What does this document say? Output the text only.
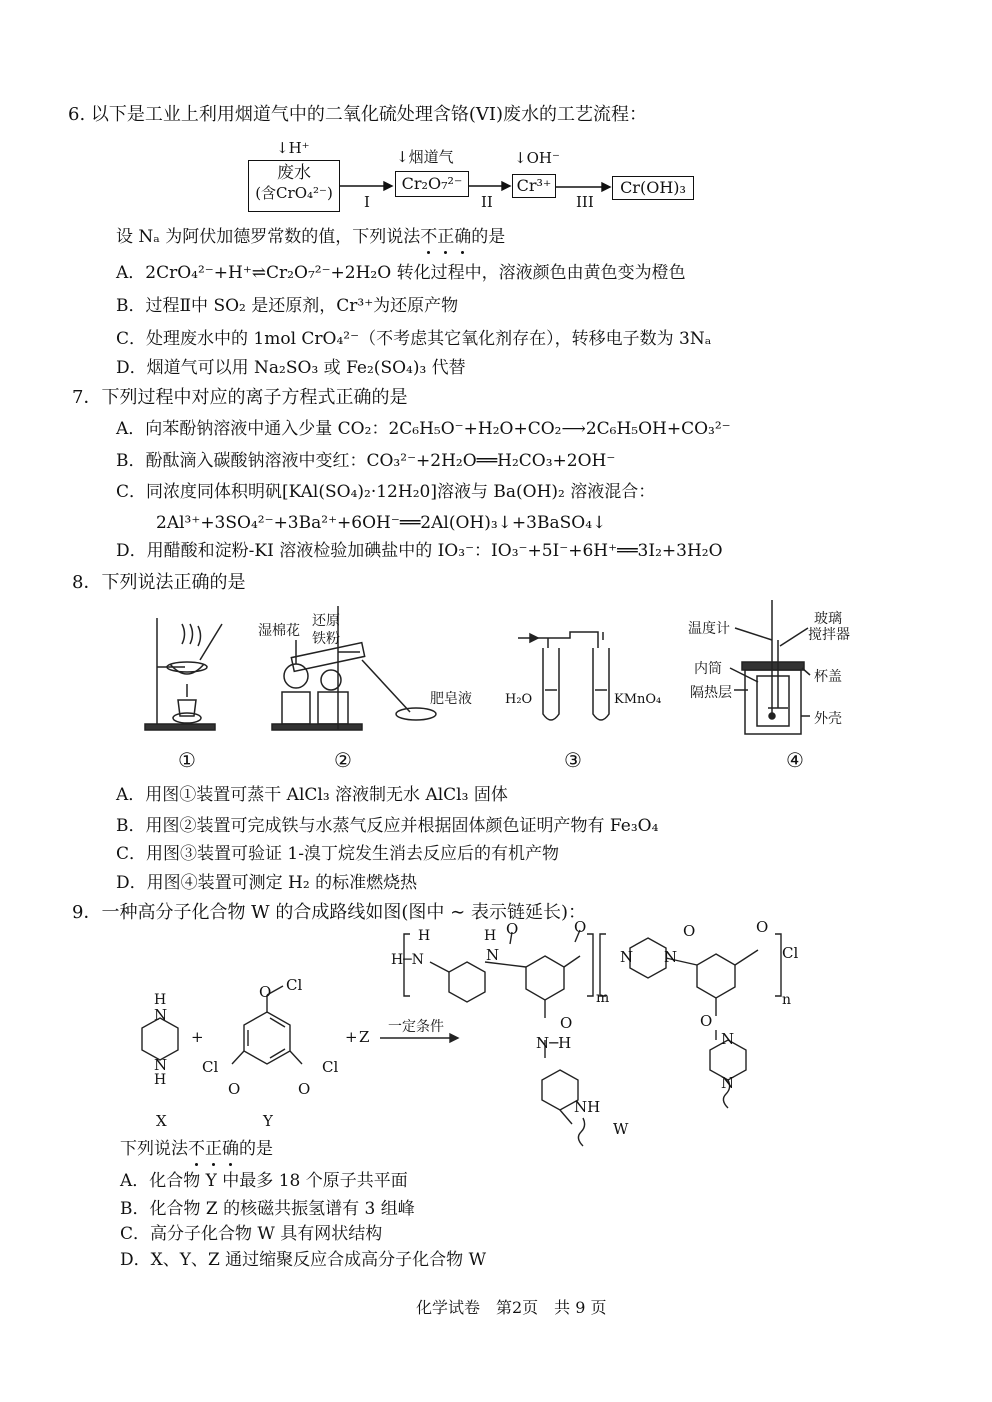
6. 以下是工业上利用烟道气中的二氧化硫处理含铬(VI)废水的工艺流程：
↓H⁺
废水
(含CrO₄²⁻)
↓烟道气
Cr₂O₇²⁻
↓OH⁻
Cr³⁺	Cr(OH)₃
I	II	III
设 Nₐ 为阿伏加德罗常数的值，下列说法不正确的是
A．2CrO₄²⁻+H⁺⇌Cr₂O₇²⁻+2H₂O 转化过程中，溶液颜色由黄色变为橙色
B．过程Ⅱ中 SO₂ 是还原剂，Cr³⁺为还原产物
C．处理废水中的 1mol CrO₄²⁻（不考虑其它氧化剂存在），转移电子数为 3Nₐ
D．烟道气可以用 Na₂SO₃ 或 Fe₂(SO₄)₃ 代替
7．下列过程中对应的离子方程式正确的是
A．向苯酚钠溶液中通入少量 CO₂：2C₆H₅O⁻+H₂O+CO₂⟶2C₆H₅OH+CO₃²⁻
B．酚酞滴入碳酸钠溶液中变红：CO₃²⁻+2H₂O══H₂CO₃+2OH⁻
C．同浓度同体积明矾[KAl(SO₄)₂·12H₂0]溶液与 Ba(OH)₂ 溶液混合：
2Al³⁺+3SO₄²⁻+3Ba²⁺+6OH⁻══2Al(OH)₃↓+3BaSO₄↓
D．用醋酸和淀粉-KI 溶液检验加碘盐中的 IO₃⁻：IO₃⁻+5I⁻+6H⁺══3I₂+3H₂O
8．下列说法正确的是
湿棉花
还原
铁粉
肥皂液	H₂O	KMnO₄
温度计
玻璃
搅拌器
内筒	杯盖
隔热层
外壳
①	②	③	④
A．用图①装置可蒸干 AlCl₃ 溶液制无水 AlCl₃ 固体
B．用图②装置可完成铁与水蒸气反应并根据固体颜色证明产物有 Fe₃O₄
C．用图③装置可验证 1-溴丁烷发生消去反应后的有机产物
D．用图④装置可测定 H₂ 的标准燃烧热
9．一种高分子化合物 W 的合成路线如图(图中 ∼ 表示链延长)：
N
H
N
H
+
O Cl
Cl
O
Cl
O
+ Z
一定条件
X	Y
H─N
H	H
N
O	O
m
N N
O	O
Cl
n
O
N─H
NH
O
N
N
W
下列说法不正确的是
A．化合物 Y 中最多 18 个原子共平面
B．化合物 Z 的核磁共振氢谱有 3 组峰
C．高分子化合物 W 具有网状结构
D．X、Y、Z 通过缩聚反应合成高分子化合物 W
化学试卷　第2页　共 9 页
